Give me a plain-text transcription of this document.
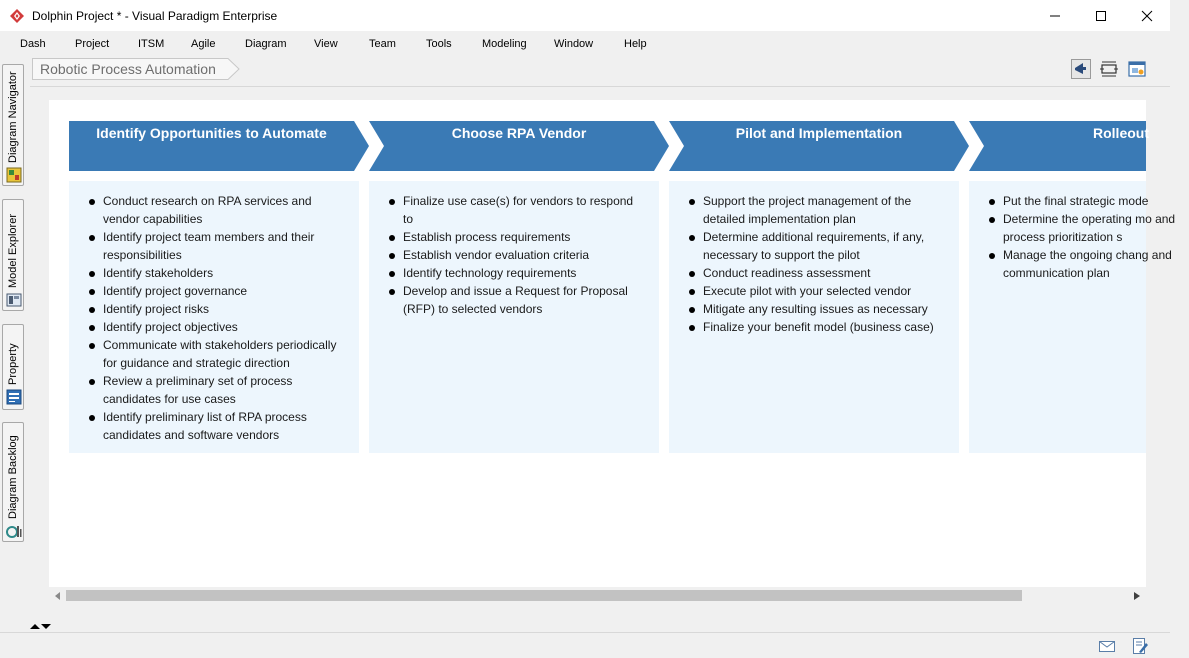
Dolphin Project * - Visual Paradigm Enterprise
Dash	Project	ITSM Agile	Diagram View	Team	Tools	Modeling Window	Help
Diagram Navigator
Model Explorer
Property
Diagram Backlog
Robotic Process Automation
Identify Opportunities to Automate
Conduct research on RPA services and vendor capabilities
Identify project team members and their responsibilities
Identify stakeholders
Identify project governance
Identify project risks
Identify project objectives
Communicate with stakeholders periodically for guidance and strategic direction
Review a preliminary set of process candidates for use cases
Identify preliminary list of RPA process candidates and software vendors
Choose RPA Vendor
Finalize use case(s) for vendors to respond to
Establish process requirements
Establish vendor evaluation criteria
Identify technology requirements
Develop and issue a Request for Proposal (RFP) to selected vendors
Pilot and Implementation
Support the project management of the detailed implementation plan
Determine additional requirements, if any, necessary to support the pilot
Conduct readiness assessment
Execute pilot with your selected vendor
Mitigate any resulting issues as necessary
Finalize your benefit model (business case)
Rolleout
Put the final strategic mode
Determine the operating mo and process prioritization s
Manage the ongoing chang and communication plan
